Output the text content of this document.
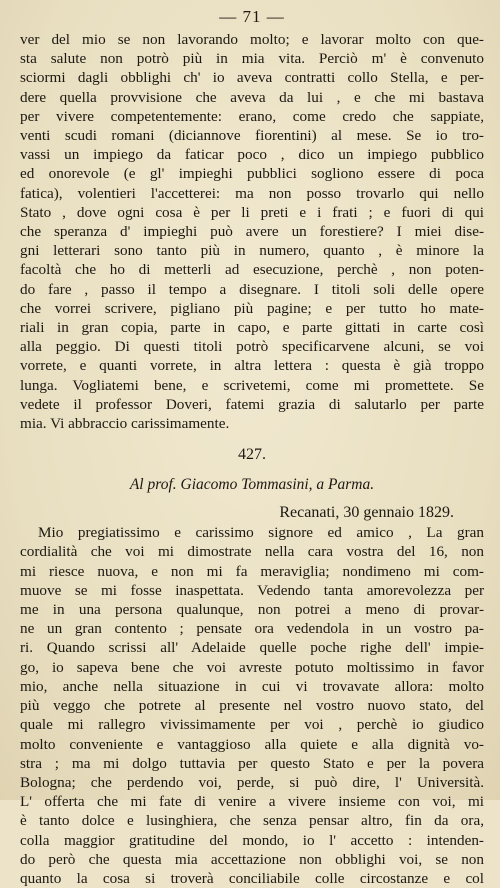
— 71 —
ver del mio se non lavorando molto; e lavorar molto con que-
sta salute non potrò più in mia vita. Perciò m' è convenuto
sciormi dagli obblighi ch' io aveva contratti collo Stella, e per-
dere quella provvisione che aveva da lui , e che mi bastava
per vivere competentemente: erano, come credo che sappiate,
venti scudi romani (diciannove fiorentini) al mese. Se io tro-
vassi un impiego da faticar poco , dico un impiego pubblico
ed onorevole (e gl' impieghi pubblici sogliono essere di poca
fatica), volentieri l'accetterei: ma non posso trovarlo qui nello
Stato , dove ogni cosa è per li preti e i frati ; e fuori di qui
che speranza d' impieghi può avere un forestiere? I miei dise-
gni letterari sono tanto più in numero, quanto , è minore la
facoltà che ho di metterli ad esecuzione, perchè , non poten-
do fare , passo il tempo a disegnare. I titoli soli delle opere
che vorrei scrivere, pigliano più pagine; e per tutto ho mate-
riali in gran copia, parte in capo, e parte gittati in carte così
alla peggio. Di questi titoli potrò specificarvene alcuni, se voi
vorrete, e quanti vorrete, in altra lettera : questa è già troppo
lunga. Vogliatemi bene, e scrivetemi, come mi promettete. Se
vedete il professor Doveri, fatemi grazia di salutarlo per parte
mia. Vi abbraccio carissimamente.
427.
Al prof. Giacomo Tommasini, a Parma.
Recanati, 30 gennaio 1829.
Mio pregiatissimo e carissimo signore ed amico , La gran
cordialità che voi mi dimostrate nella cara vostra del 16, non
mi riesce nuova, e non mi fa meraviglia; nondimeno mi com-
muove se mi fosse inaspettata. Vedendo tanta amorevolezza per
me in una persona qualunque, non potrei a meno di provar-
ne un gran contento ; pensate ora vedendola in un vostro pa-
ri. Quando scrissi all' Adelaide quelle poche righe dell' impie-
go, io sapeva bene che voi avreste potuto moltissimo in favor
mio, anche nella situazione in cui vi trovavate allora: molto
più veggo che potrete al presente nel vostro nuovo stato, del
quale mi rallegro vivissimamente per voi , perchè io giudico
molto conveniente e vantaggioso alla quiete e alla dignità vo-
stra ; ma mi dolgo tuttavia per questo Stato e per la povera
Bologna; che perdendo voi, perde, si può dire, l' Università.
L' offerta che mi fate di venire a vivere insieme con voi, mi
è tanto dolce e lusinghiera, che senza pensar altro, fin da ora,
colla maggior gratitudine del mondo, io l' accetto : intenden-
do però che questa mia accettazione non obblighi voi, se non
quanto la cosa si troverà conciliabile colle circostanze e col
